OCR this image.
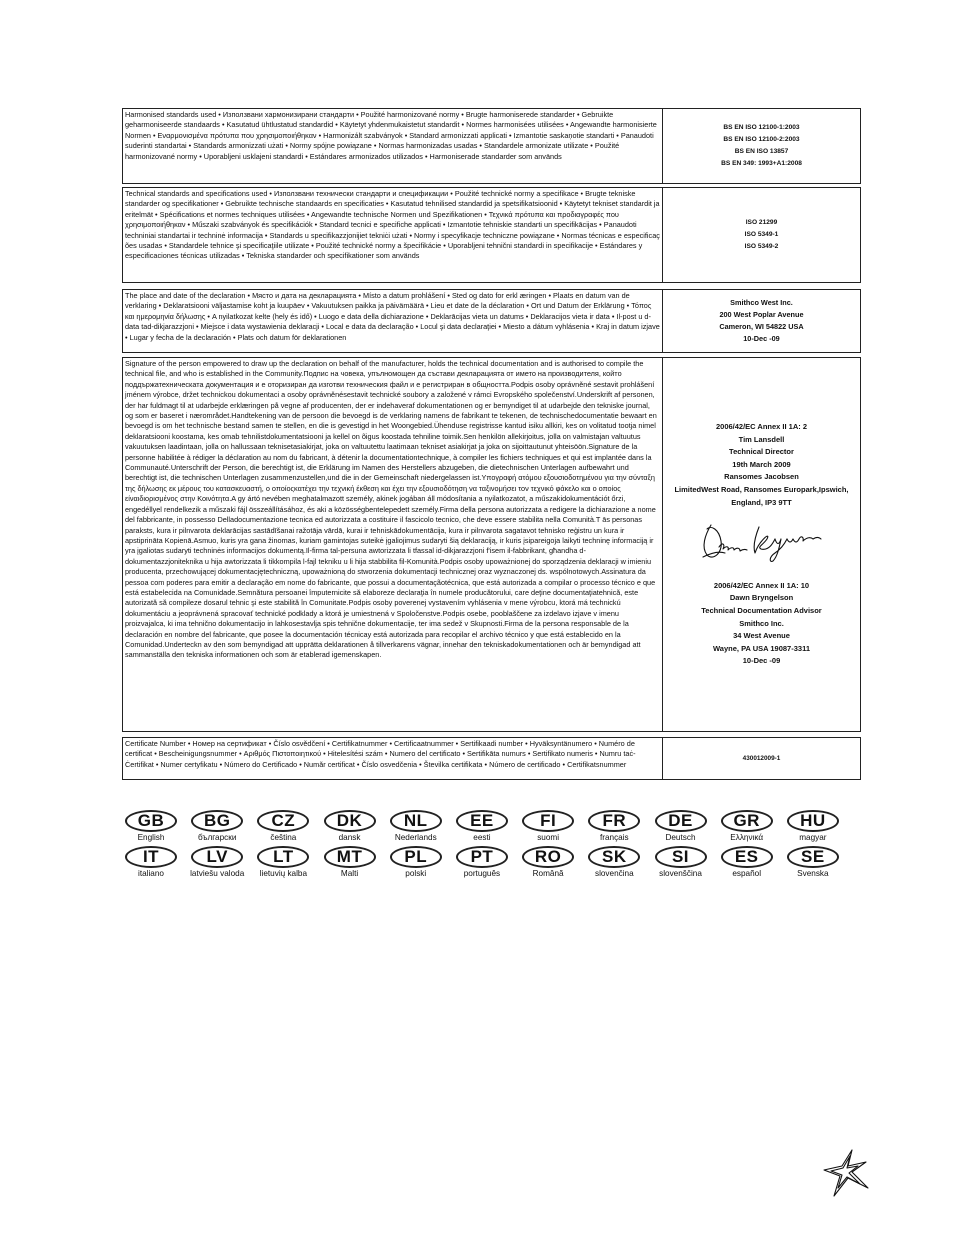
Harmonised standards used • Използвани хармонизирани стандарти • Použité harmonizované normy • Brugte harmoniserede standarder • Gebruikte geharmoniseerde standaards • Kasutatud ühtlustatud standardid • Käytetyt yhdenmukaistetut standardit • Normes harmonisées utilisées • Angewandte harmonisierte Normen • Εναρμονισμένα πρότυπα που χρησιμοποιήθηκαν • Harmonizált szabványok • Standard armonizzati applicati • Izmantotie saskaņotie standarti • Panaudoti suderinti standartai • Standards armonizzati użati • Normy spójne powiązane • Normas harmonizadas usadas • Standardele armonizate utilizate • Použité harmonizované normy • Uporabljeni usklajeni standardi • Estándares armonizados utilizados • Harmoniserade standarder som används
BS EN ISO 12100-1:2003
BS EN ISO 12100-2:2003
BS EN ISO 13857
BS EN 349: 1993+A1:2008
Technical standards and specifications used • Използвани технически стандарти и спецификации • Použité technické normy a specifikace • Brugte tekniske standarder og specifikationer • Gebruikte technische standaards en specificaties • Kasutatud tehnilised standardid ja spetsifikatsioonid • Käytetyt tekniset standardit ja eritelmät • Spécifications et normes techniques utilisées • Angewandte technische Normen und Spezifikationen • Τεχνικά πρότυπα και προδιαγραφές που χρησιμοποιήθηκαν • Műszaki szabványok és specifikációk • Standard tecnici e specifiche applicati • Izmantotie tehniskie standarti un specifikācijas • Panaudoti techniniai standartai ir techninė informacija • Standards u specifikazzjonijiet tekniċi użati • Normy i specyfikacje techniczne powiązane • Normas técnicas e especificaç ões usadas • Standardele tehnice şi specificaţiile utilizate • Použité technické normy a špecifikácie • Uporabljeni tehnični standardi in specifikacije • Estándares y especificaciones técnicas utilizadas • Tekniska standarder och specifikationer som används
ISO 21299
ISO 5349-1
ISO 5349-2
The place and date of the declaration • Място и дата на декларацията • Místo a datum prohlášení • Sted og dato for erkl æringen • Plaats en datum van de verklaring • Deklaratsiooni väljastamise koht ja kuupäev • Vakuutuksen paikka ja päivämäärä • Lieu et date de la déclaration • Ort und Datum der Erklärung • Τόπος και ημερομηνία δήλωσης • A nyilatkozat kelte (hely és idő) • Luogo e data della dichiarazione • Deklarācijas vieta un datums • Deklaracijos vieta ir data • Il-post u d-data tad-dikjarazzjoni • Miejsce i data wystawienia deklaracji • Local e data da declaração • Locul şi data declaraţiei • Miesto a dátum vyhlásenia • Kraj in datum izjave • Lugar y fecha de la declaración • Plats och datum för deklarationen
Smithco West Inc.
200 West Poplar Avenue
Cameron, WI 54822 USA
10-Dec -09
Signature of the person empowered to draw up the declaration on behalf of the manufacturer, holds the technical documentation and is authorised to compile the technical file, and who is established in the Community.Подпис на човека, упълномощен да състави декларацията от името на производителя, който поддържатехническата документация и е оторизиран да изготви техническия файл и е регистриран в общността.Podpis osoby oprávněné sestavit prohlášení jménem výrobce, držet technickou dokumentaci a osoby oprávněnésestavit technické soubory a založené v rámci Evropského společenství.Underskrift af personen, der har fuldmagt til at udarbejde erklæringen på vegne af producenten, der er indehaveraf dokumentationen og er bemyndiget til at udarbejde den tekniske journal, og som er baseret i nærområdet.Handtekening van de persoon die bevoegd is de verklaring namens de fabrikant te tekenen, de technischedocumentatie bewaart en bevoegd is om het technische bestand samen te stellen, en die is gevestigd in het Woongebied.Ühenduse registrisse kantud isiku allkiri, kes on volitatud tootja nimel deklaratsiooni koostama, kes omab tehnilistdokumentatsiooni ja kellel on õigus koostada tehniline toimik.Sen henkilön allekirjoitus, jolla on valmistajan valtuutus vakuutuksen laadintaan, jolla on hallussaan teknisetasiakirjat, joka on valtuutettu laatimaan tekniset asiakirjat ja joka on sijoittautunut yhteisöön.Signature de la personne habilitée à rédiger la déclaration au nom du fabricant, à détenir la documentationtechnique, à compiler les fichiers techniques et qui est implantée dans la Communauté.Unterschrift der Person, die berechtigt ist, die Erklärung im Namen des Herstellers abzugeben, die dietechnischen Unterlagen aufbewahrt und berechtigt ist, die technischen Unterlagen zusammenzustellen,und die in der Gemeinschaft niedergelassen ist.Υπογραφή ατόμου εξουσιοδοτημένου για την σύνταξη της δήλωσης εκ μέρους του κατασκευαστή, ο οποίοςκατέχει την τεχνική έκθεση και έχει την εξουσιοδότηση να ταξινομήσει τον τεχνικό φάκελο και ο οποίος είναιδιορισμένος στην Κοινότητα.A gy ártó nevében meghatalmazott személy, akinek jogában áll módosítania a nyilatkozatot, a műszakidokumentációt őrzi, engedéllyel rendelkezik a műszaki fájl összeállításához, és aki a közösségbentelepedett személy.Firma della persona autorizzata a redigere la dichiarazione a nome del fabbricante, in possesso Delladocumentazione tecnica ed autorizzata a costituire il fascicolo tecnico, che deve essere stabilita nella Comunità.T ās personas paraksts, kura ir pilnvarota deklarācijas sastādīšanai ražotāja vārdā, kurai ir tehniskādokumentācija, kura ir pilnvarota sagatavot tehnisko reģistru un kura ir apstiprināta Kopienā.Asmuo, kuris yra gana žinomas, kuriam gamintojas suteikė įgaliojimus sudaryti šią deklaraciją, ir kuris įsipareigoja laikyti techninę informaciją ir yra įgaliotas sudaryti techninės informacijos dokumentą.Il-firma tal-persuna awtorizzata li tfassal id-dikjarazzjoni f'isem il-fabbrikant, għandha d-dokumentazzjoniteknika u hija awtorizzata li tikkompila l-fajl tekniku u li hija stabbilita fil-Komunità.Podpis osoby upoważnionej do sporządzenia deklaracji w imieniu producenta, przechowującej dokumentacjętechniczną, upoważnioną do stworzenia dokumentacji technicznej oraz wyznaczonej ds. wspólnotowych.Assinatura da pessoa com poderes para emitir a declaração em nome do fabricante, que possui a documentaçãotécnica, que está autorizada a compilar o processo técnico e que está estabelecida na Comunidade.Semnătura persoanei împuternicite să elaboreze declaraţia în numele producătorului, care deţine documentaţiatehnică, este autorizată să compileze dosarul tehnic şi este stabilită în Comunitate.Podpis osoby poverenej vystavením vyhlásenia v mene výrobcu, ktorá má technickú dokumentáciu a jeoprávnená spracovať technické podklady a ktorá je umiestnená v Spoločenstve.Podpis osebe, pooblaščene za izdelavo izjave v imenu proizvajalca, ki ima tehnično dokumentacijo in lahkosestavlja spis tehnične dokumentacije, ter ima sedež v Skupnosti.Firma de la persona responsable de la declaración en nombre del fabricante, que posee la documentación técnicay está autorizada para recopilar el archivo técnico y que está establecido en la Comunidad.Underteckn av den som bemyndigad att upprätta deklarationen å tillverkarens vägnar, innehar den tekniskadokumentationen och är bemyndigad att sammanställa den tekniska informationen och som är etablerad igemenskapen.
2006/42/EC Annex II 1A: 2
Tim Lansdell
Technical Director
19th March 2009
Ransomes Jacobsen
LimitedWest Road, Ransomes Europark,Ipswich,
England, IP3 9TT
2006/42/EC Annex II 1A: 10
Dawn Bryngelson
Technical Documentation Advisor
Smithco Inc.
34 West Avenue
Wayne, PA USA 19087-3311
10-Dec -09
Certificate Number • Номер на сертификат • Číslo osvědčení • Certifikatnummer • Certificaatnummer • Sertifikaadi number • Hyväksyntänumero • Numéro de certificat • Bescheinigungsnummer • Αριθμός Πιστοποιητικού • Hitelesítési szám • Numero del certificato • Sertifikāta numurs • Sertifikato numeris • Numru taċ-Ċertifikat • Numer certyfikatu • Número do Certificado • Număr certificat • Číslo osvedčenia • Številka certifikata • Número de certificado • Certifikatsnummer
430012009-1
GB
English
BG
български
CZ
čeština
DK
dansk
NL
Nederlands
EE
eesti
FI
suomi
FR
français
DE
Deutsch
GR
Ελληνικά
HU
magyar
IT
italiano
LV
latviešu valoda
LT
lietuvių kalba
MT
Malti
PL
polski
PT
português
RO
Română
SK
slovenčina
SI
slovenščina
ES
español
SE
Svenska
